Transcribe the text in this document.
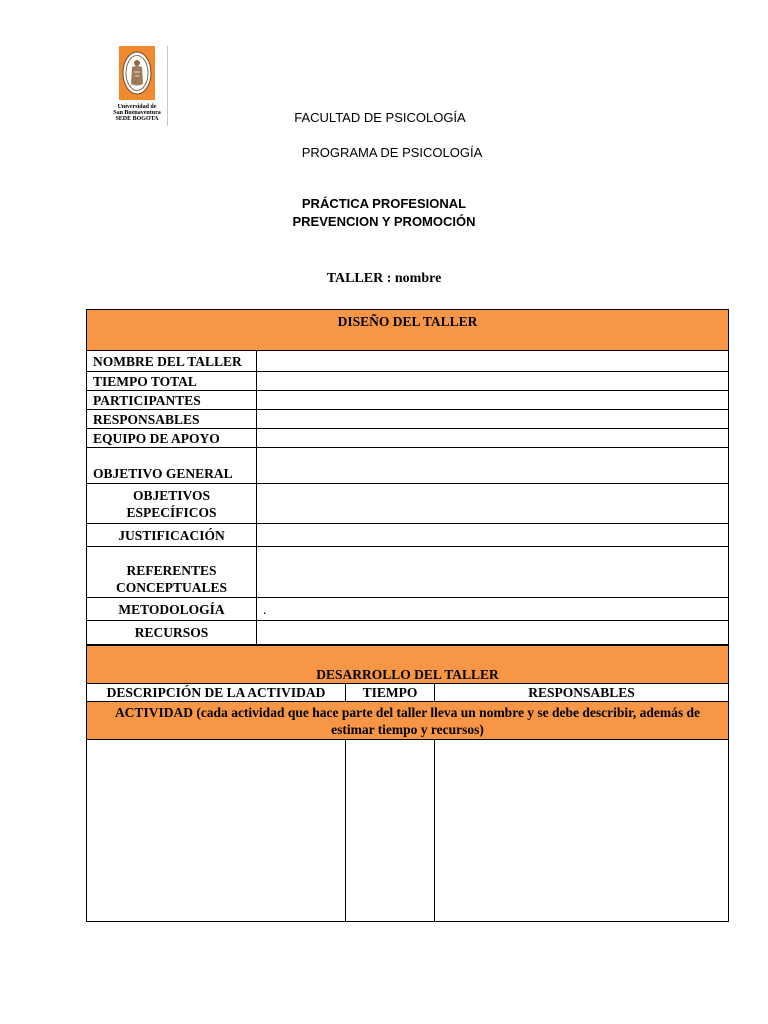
Universidad de
San Buenaventura
SEDE BOGOTA	FACULTAD DE PSICOLOGÍA
PROGRAMA DE PSICOLOGÍA
PRÁCTICA PROFESIONAL
PREVENCION Y PROMOCIÓN
TALLER : nombre
DISEÑO DEL TALLER	
NOMBRE DEL TALLER	
TIEMPO TOTAL	
PARTICIPANTES	
RESPONSABLES	
EQUIPO DE APOYO	
OBJETIVO GENERAL	
OBJETIVOS ESPECÍFICOS	
JUSTIFICACIÓN	
REFERENTES CONCEPTUALES	
METODOLOGÍA	.
RECURSOS	
DESARROLLO DEL TALLER		
DESCRIPCIÓN DE LA ACTIVIDAD	TIEMPO	RESPONSABLES
ACTIVIDAD (cada actividad que hace parte del taller lleva un nombre y se debe describir, además de estimar tiempo y recursos)		
